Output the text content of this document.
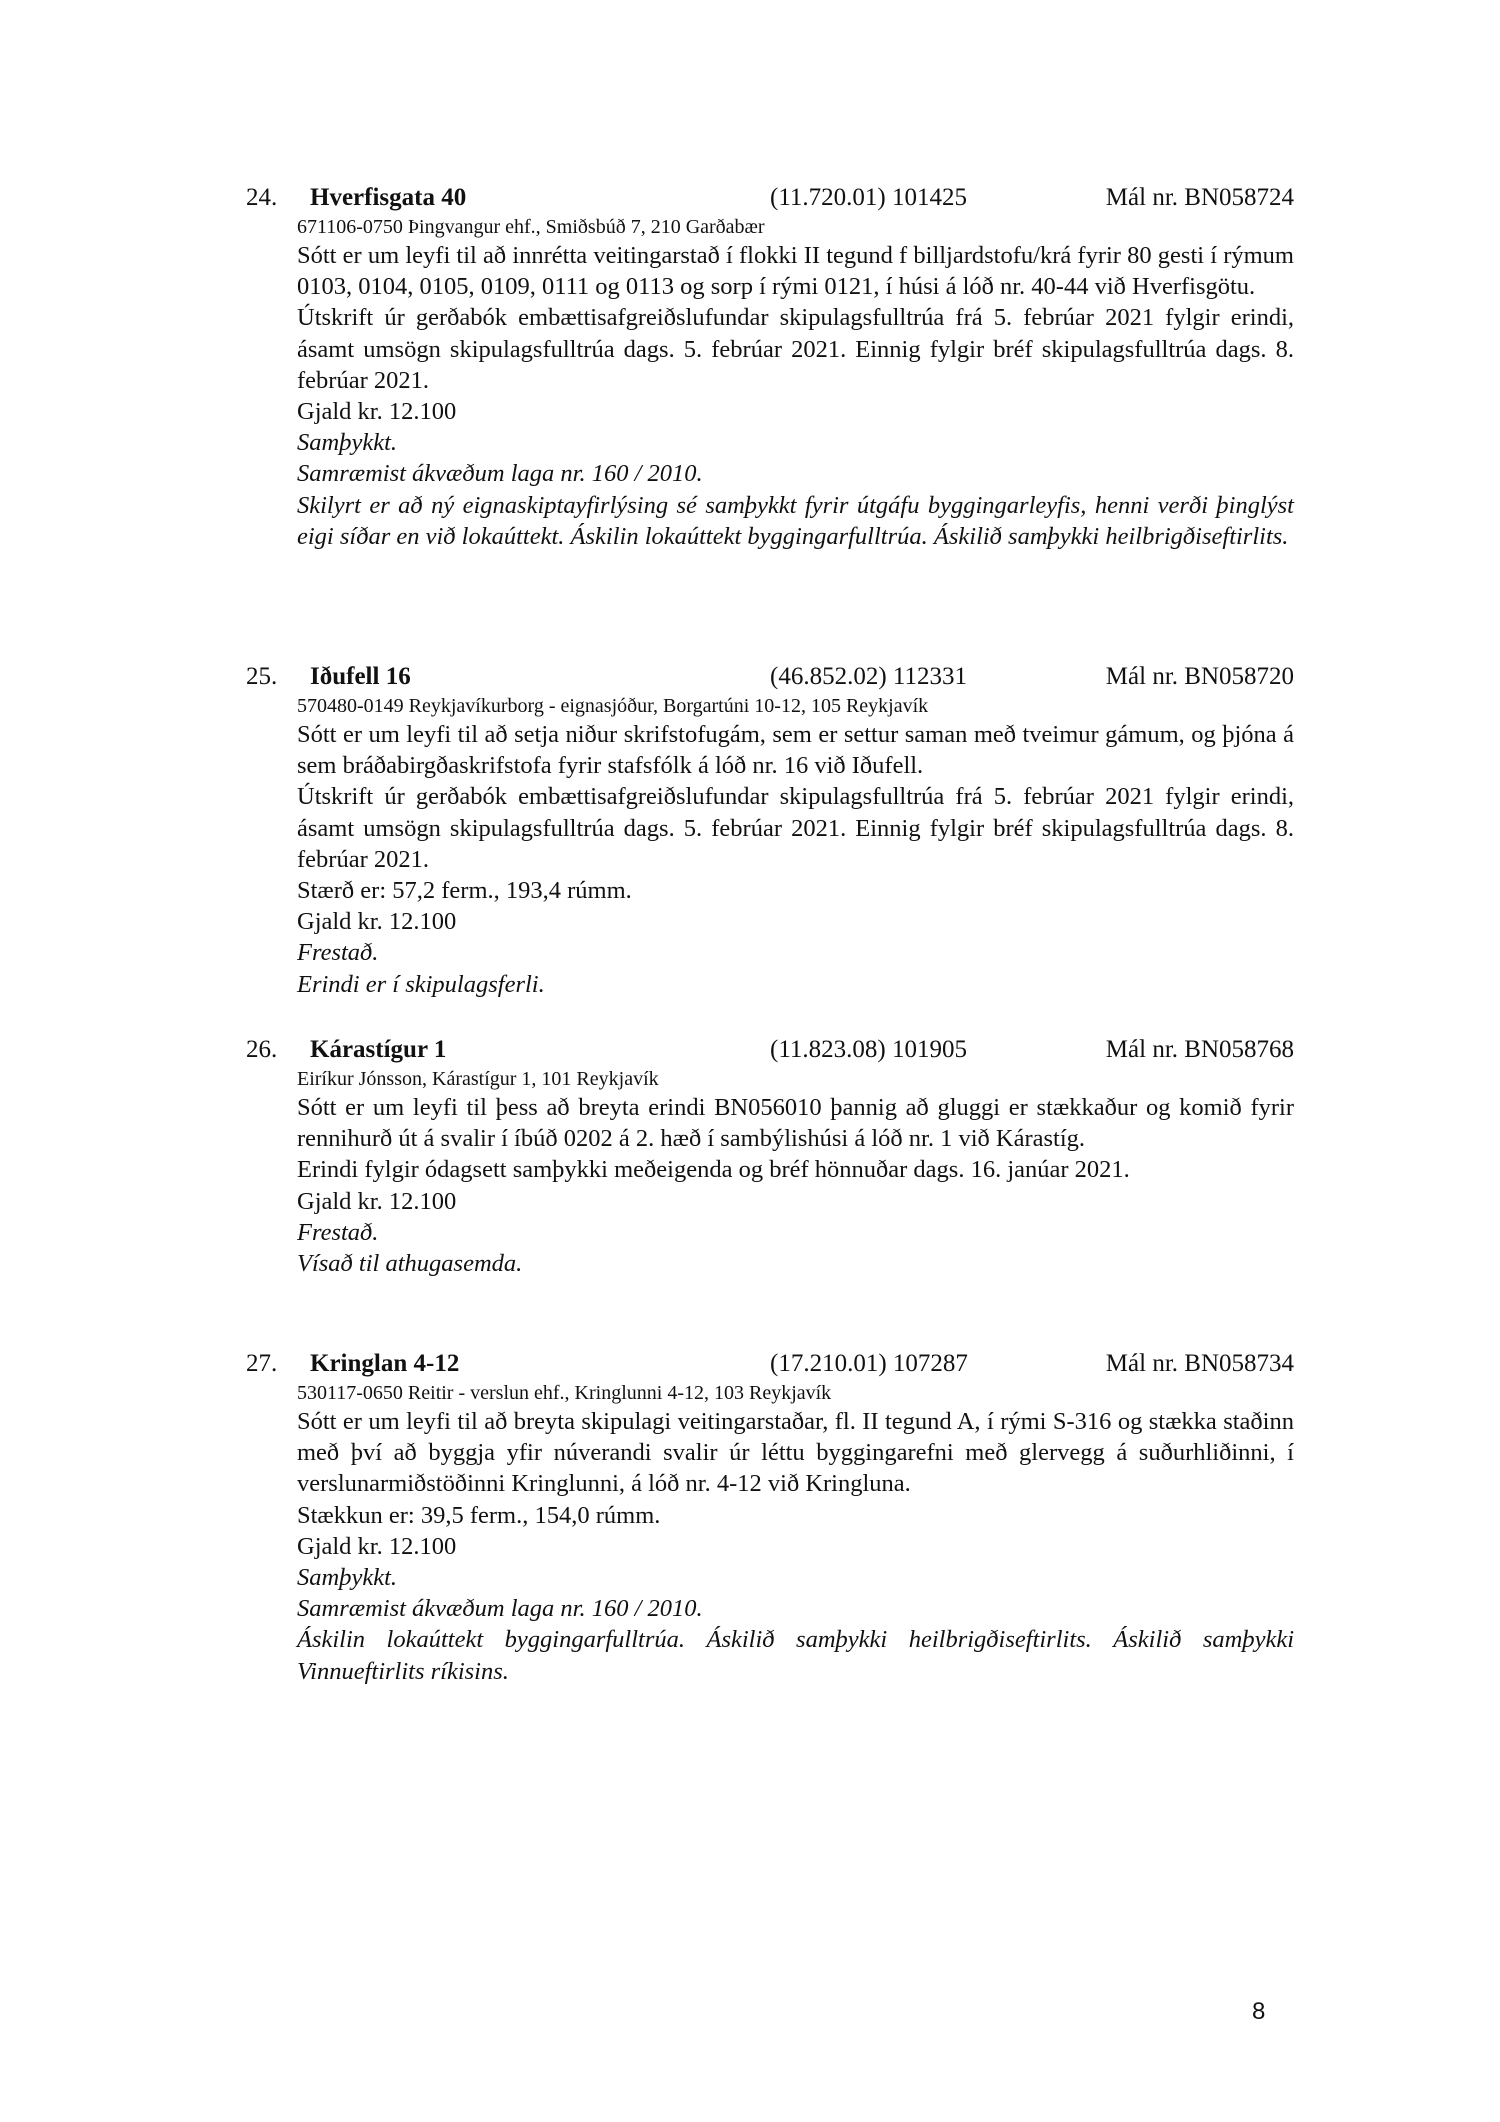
24. Hverfisgata 40	(11.720.01) 101425	Mál nr. BN058724
671106-0750 Þingvangur ehf., Smiðsbúð 7, 210 Garðabær
Sótt er um leyfi til að innrétta veitingarstað í flokki II tegund f billjardstofu/krá fyrir 80 gesti í rýmum 0103, 0104, 0105, 0109, 0111 og 0113 og sorp í rými 0121, í húsi á lóð nr. 40-44 við Hverfisgötu.
Útskrift úr gerðabók embættisafgreiðslufundar skipulagsfulltrúa frá 5. febrúar 2021 fylgir erindi, ásamt umsögn skipulagsfulltrúa dags. 5. febrúar 2021. Einnig fylgir bréf skipulagsfulltrúa dags. 8. febrúar 2021.
Gjald kr. 12.100
Samþykkt.
Samræmist ákvæðum laga nr. 160 / 2010.
Skilyrt er að ný eignaskiptayfirlýsing sé samþykkt fyrir útgáfu byggingarleyfis, henni verði þinglýst eigi síðar en við lokaúttekt. Áskilin lokaúttekt byggingarfulltrúa. Áskilið samþykki heilbrigðiseftirlits.
25. Iðufell 16	(46.852.02) 112331	Mál nr. BN058720
570480-0149 Reykjavíkurborg - eignasjóður, Borgartúni 10-12, 105 Reykjavík
Sótt er um leyfi til að setja niður skrifstofugám, sem er settur saman með tveimur gámum, og þjóna á sem bráðabirgðaskrifstofa fyrir stafsfólk á lóð nr. 16 við Iðufell.
Útskrift úr gerðabók embættisafgreiðslufundar skipulagsfulltrúa frá 5. febrúar 2021 fylgir erindi, ásamt umsögn skipulagsfulltrúa dags. 5. febrúar 2021. Einnig fylgir bréf skipulagsfulltrúa dags. 8. febrúar 2021.
Stærð er: 57,2 ferm., 193,4 rúmm.
Gjald kr. 12.100
Frestað.
Erindi er í skipulagsferli.
26. Kárastígur 1	(11.823.08) 101905	Mál nr. BN058768
Eiríkur Jónsson, Kárastígur 1, 101 Reykjavík
Sótt er um leyfi til þess að breyta erindi BN056010 þannig að gluggi er stækkaður og komið fyrir rennihurð út á svalir í íbúð 0202 á 2. hæð í sambýlishúsi á lóð nr. 1 við Kárastíg.
Erindi fylgir ódagsett samþykki meðeigenda og bréf hönnuðar dags. 16. janúar 2021.
Gjald kr. 12.100
Frestað.
Vísað til athugasemda.
27. Kringlan 4-12	(17.210.01) 107287	Mál nr. BN058734
530117-0650 Reitir - verslun ehf., Kringlunni 4-12, 103 Reykjavík
Sótt er um leyfi til að breyta skipulagi veitingarstaðar, fl. II tegund A, í rými S-316 og stækka staðinn með því að byggja yfir núverandi svalir úr léttu byggingarefni með glervegg á suðurhliðinni, í verslunarmiðstöðinni Kringlunni, á lóð nr. 4-12 við Kringluna.
Stækkun er: 39,5 ferm., 154,0 rúmm.
Gjald kr. 12.100
Samþykkt.
Samræmist ákvæðum laga nr. 160 / 2010.
Áskilin lokaúttekt byggingarfulltrúa. Áskilið samþykki heilbrigðiseftirlits. Áskilið samþykki Vinnueftirlits ríkisins.
8
